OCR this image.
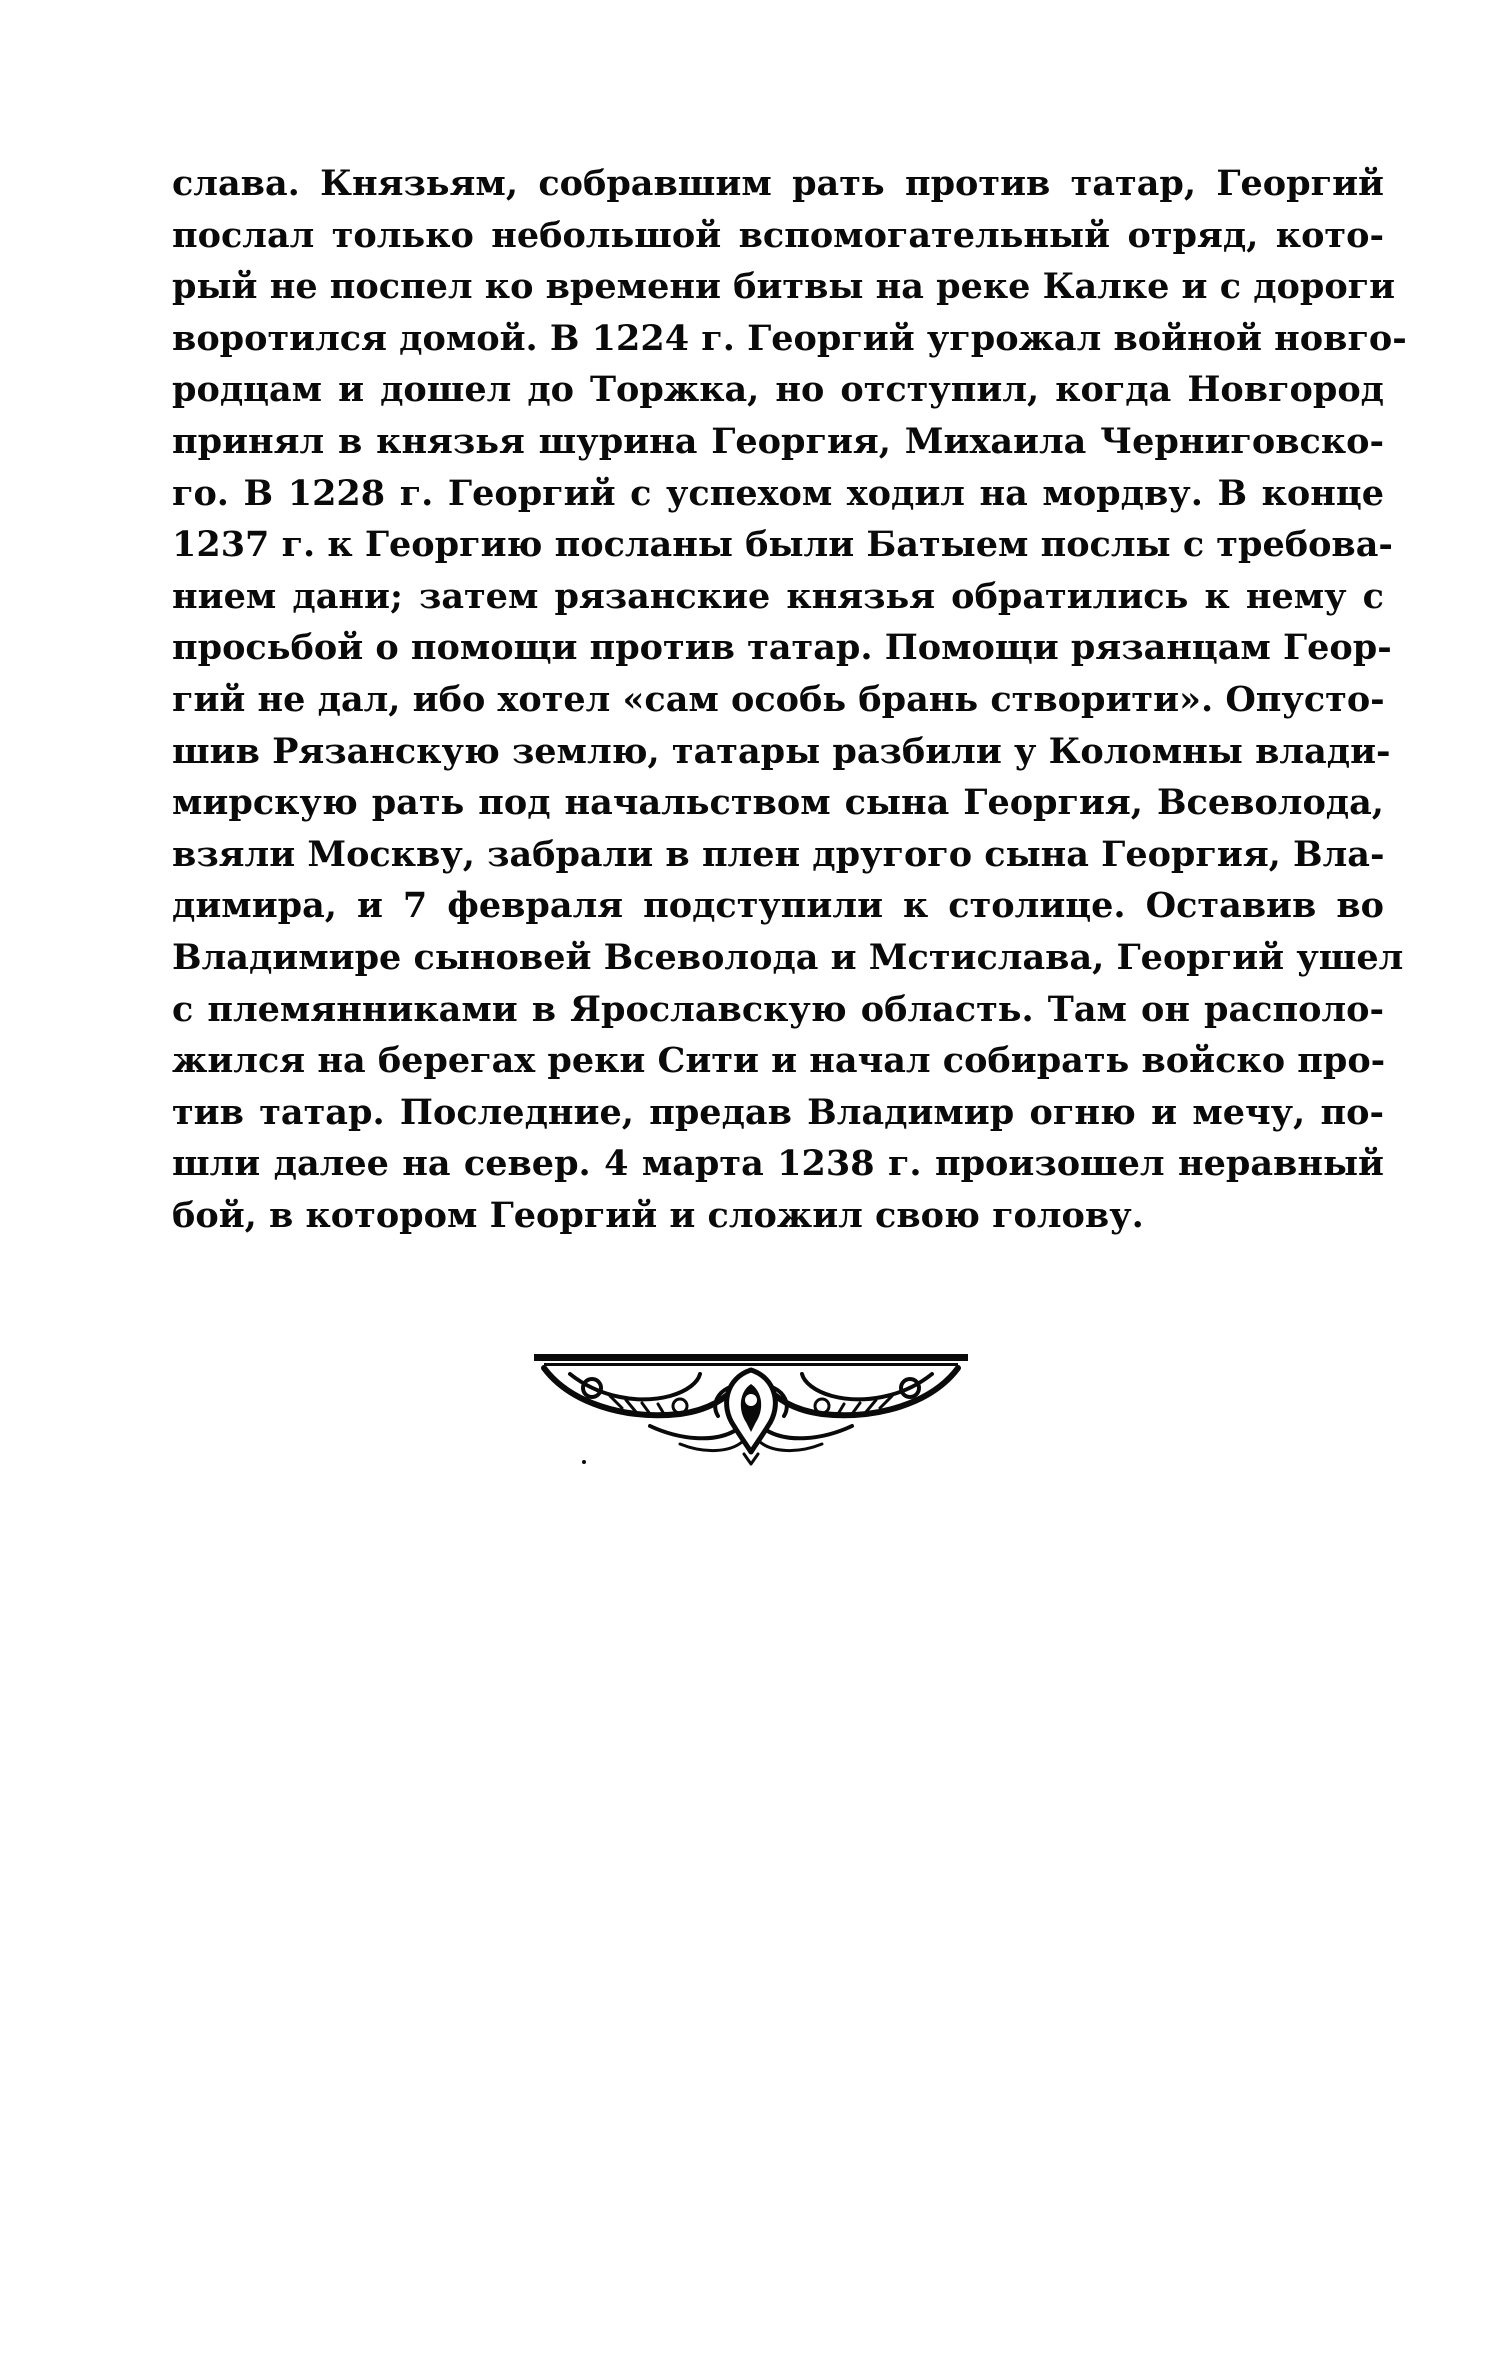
слава. Князьям, собравшим рать против татар, Георгий
послал только небольшой вспомогательный отряд, кото-
рый не поспел ко времени битвы на реке Калке и с дороги
воротился домой. В 1224 г. Георгий угрожал войной новго-
родцам и дошел до Торжка, но отступил, когда Новгород
принял в князья шурина Георгия, Михаила Черниговско-
го. В 1228 г. Георгий с успехом ходил на мордву. В конце
1237 г. к Георгию посланы были Батыем послы с требова-
нием дани; затем рязанские князья обратились к нему с
просьбой о помощи против татар. Помощи рязанцам Геор-
гий не дал, ибо хотел «сам особь брань створити». Опусто-
шив Рязанскую землю, татары разбили у Коломны влади-
мирскую рать под начальством сына Георгия, Всеволода,
взяли Москву, забрали в плен другого сына Георгия, Вла-
димира, и 7 февраля подступили к столице. Оставив во
Владимире сыновей Всеволода и Мстислава, Георгий ушел
с племянниками в Ярославскую область. Там он располо-
жился на берегах реки Сити и начал собирать войско про-
тив татар. Последние, предав Владимир огню и мечу, по-
шли далее на север. 4 марта 1238 г. произошел неравный
бой, в котором Георгий и сложил свою голову.
